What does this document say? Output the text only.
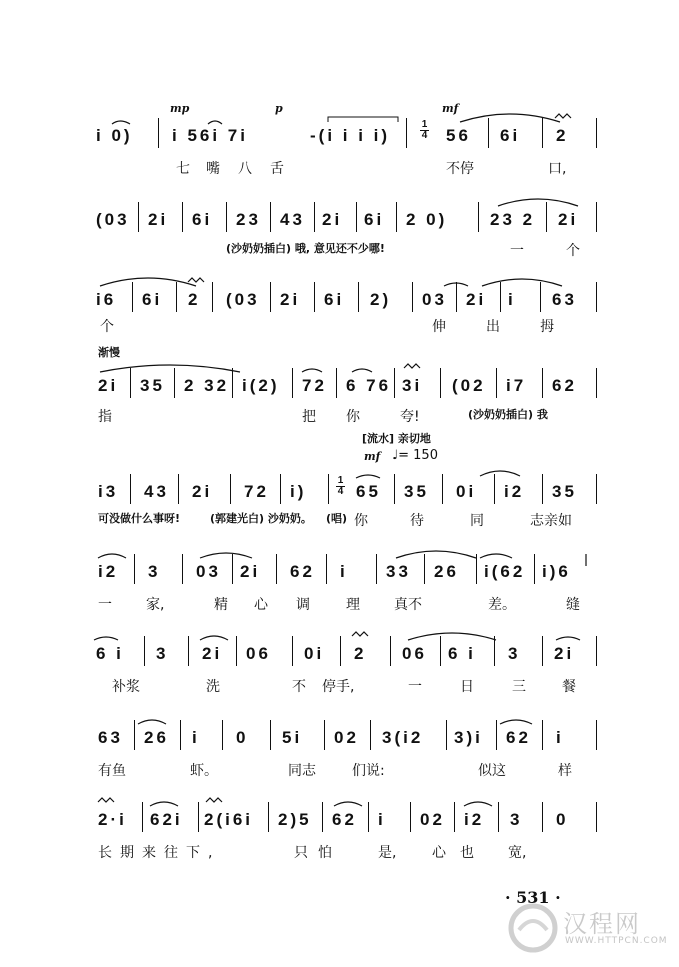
mp	p	mf
i 0) i 56i 7i	-(i i i i)
1
4 56 6i 2
七 嘴 八 舌	不停	口,
(03 2i 6i 23 43 2i 6i 2 0)	23 2 2i
(沙奶奶插白) 哦, 意见还不少哪!	一	个
i6 6i 2 (03 2i 6i 2) 03 2i i 63
个	伸	出	拇
渐慢
2i 35 2 32 i(2) 72 6 76 3i (02 i7 62
指	把 你	夸!	(沙奶奶插白) 我
[流水] 亲切地
mf ♩= 150
i3 43 2i 72 i)
1
4 65 35 0i i2 35
可没做什么事呀!	(郭建光白) 沙奶奶。 (唱) 你	待	同	志亲如
i2 3 03 2i 62 i 33 26 i(62 i)6
一 家,	精 心 调	理 真不	差。	缝
6 i 3 2i 06 0i 2 06 6 i 3 2i
补浆	洗	不 停手,	一	日	三	餐
63 26 i 0 5i 02 3(i2 3)i 62 i
有鱼	虾。	同志	们说:	似这	样
2·i 62i 2(i6i 2)5 62 i 02 i2 3 0
长期来往下,	只怕	是,	心也 宽,
· 531 ·
汉程网
WWW.HTTPCN.COM
